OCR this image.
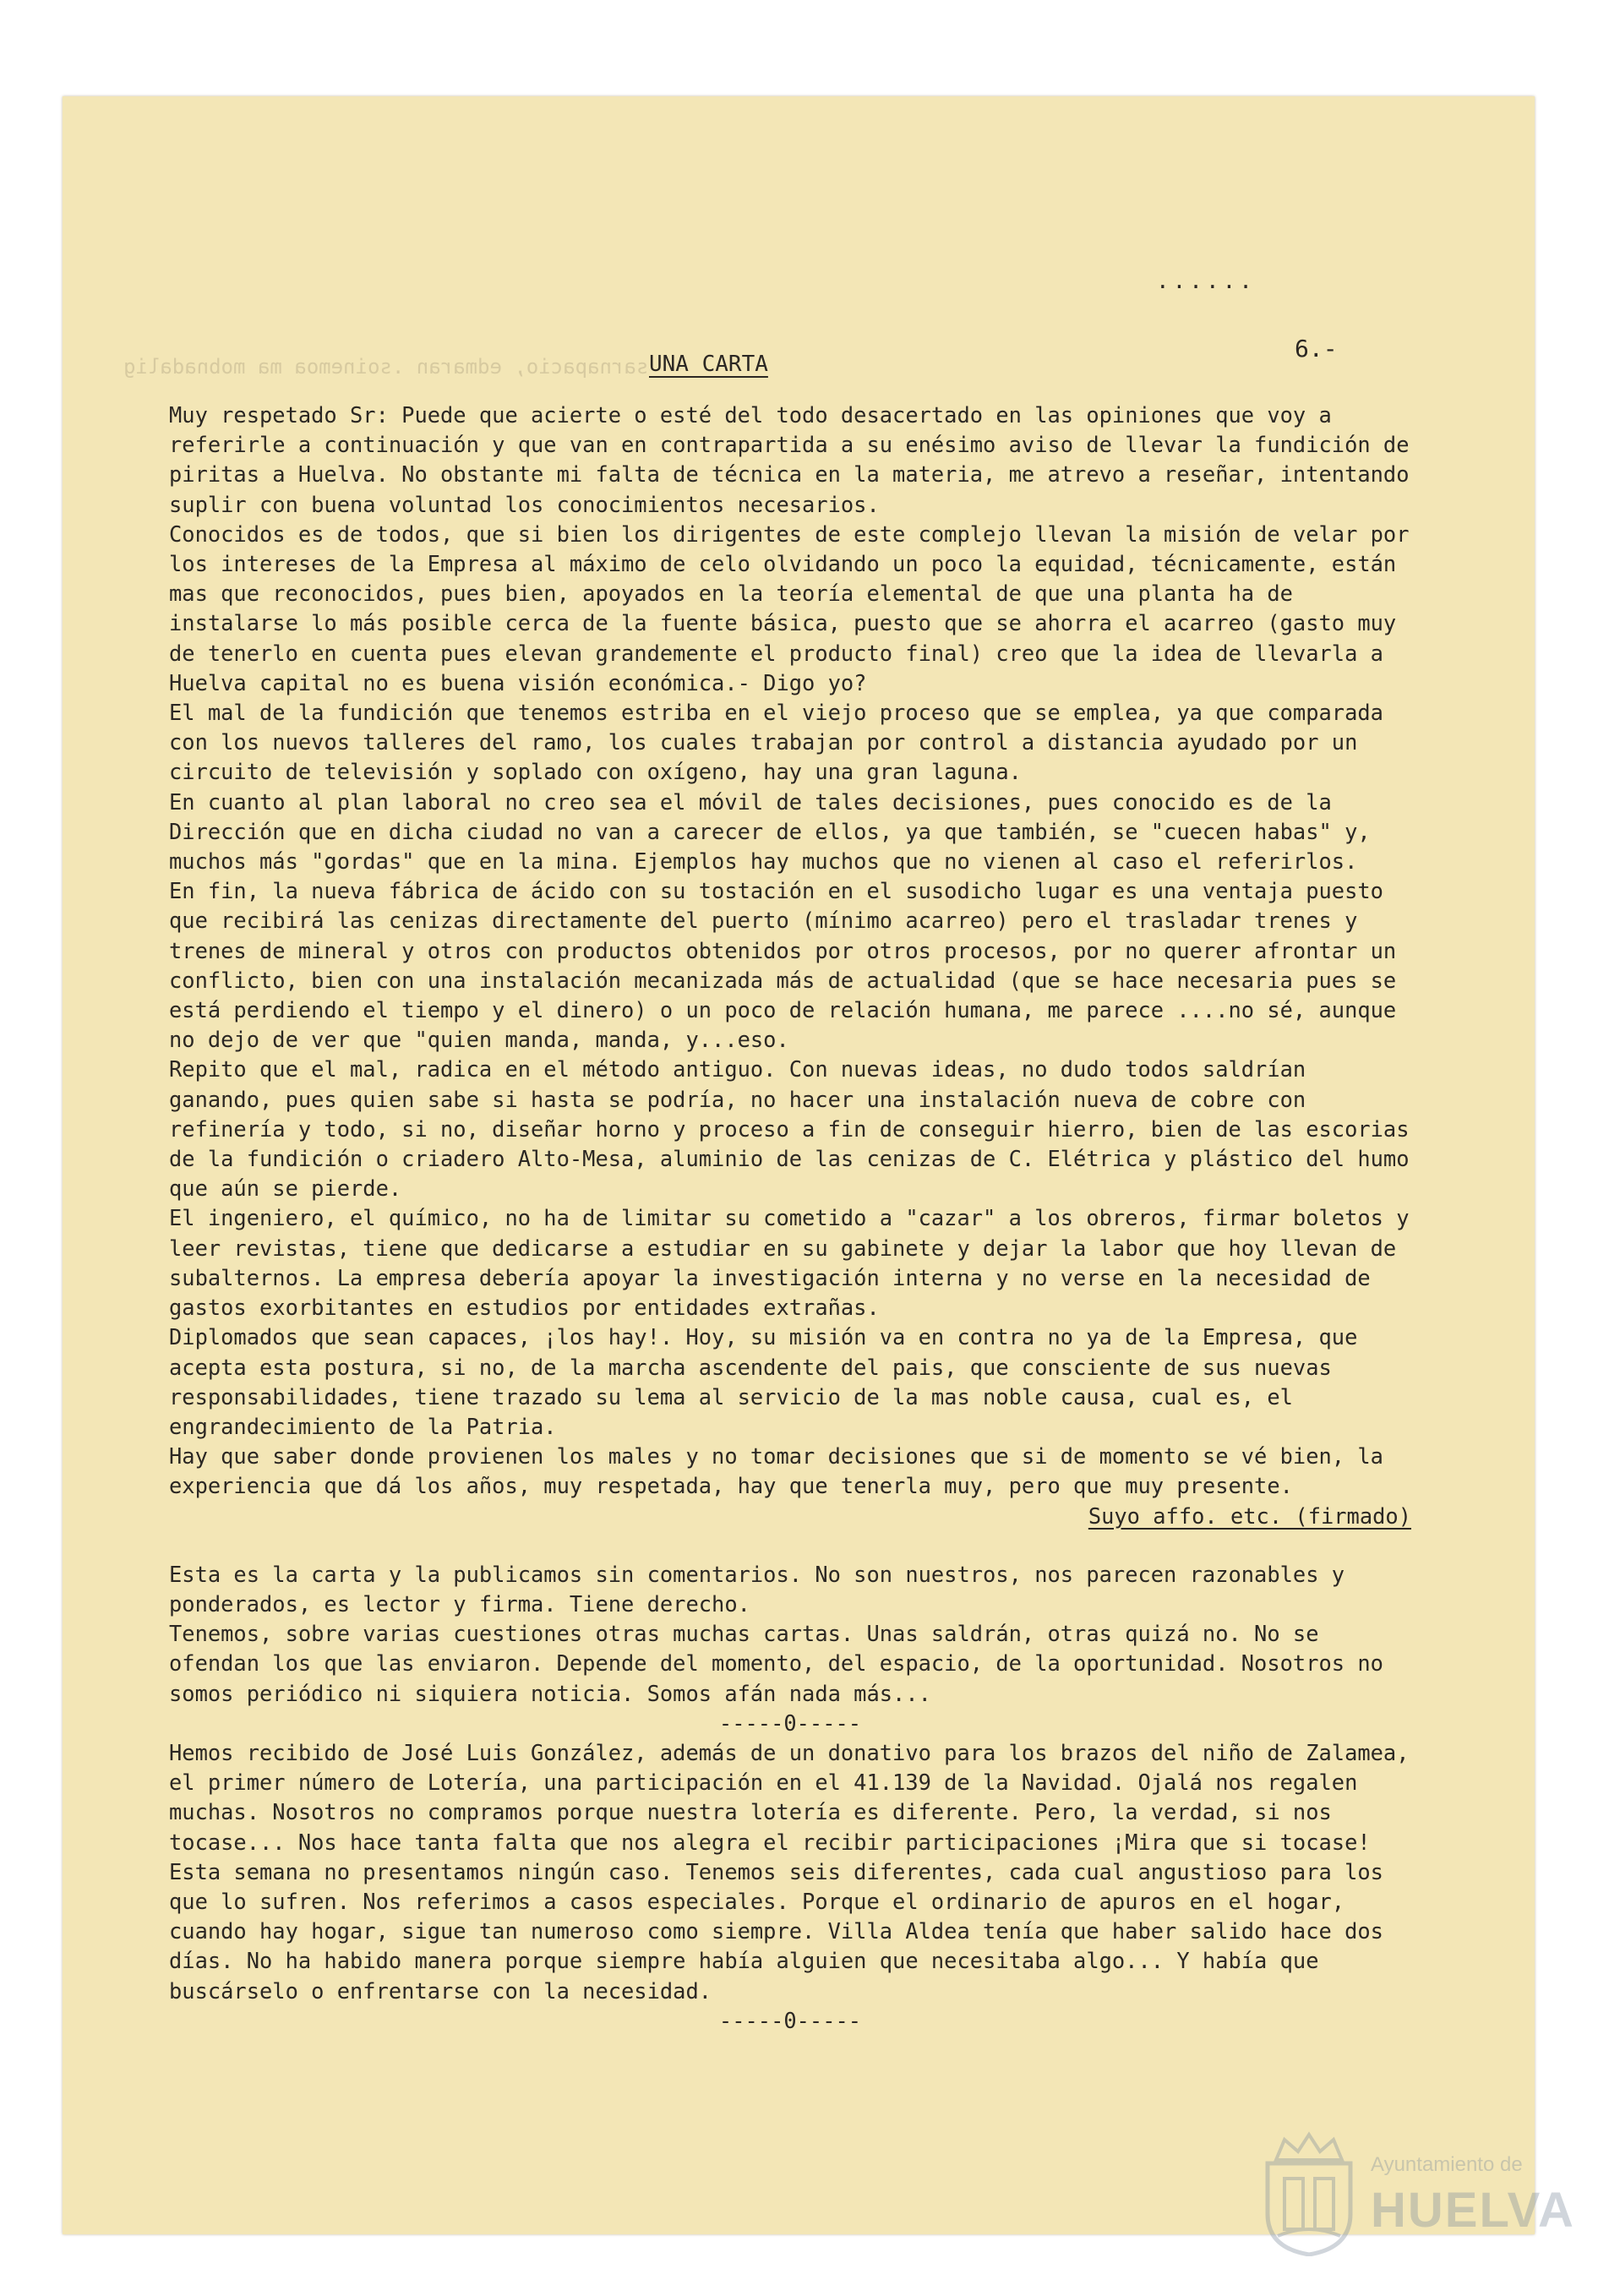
sarnapacio, edmaran .soinemoa ma mobnadalig
......
UNA CARTA
6.-

Muy respetado Sr: Puede que acierte o esté del todo desacertado en las opiniones que voy a referirle a continuación y que van en contrapartida a su enésimo aviso de llevar la fundición de piritas a Huelva. No obstante mi falta de técnica en la materia, me atrevo a reseñar, intentando suplir con buena voluntad los conocimientos necesarios.

Conocidos es de todos, que si bien los dirigentes de este complejo llevan la misión de velar por los intereses de la Empresa al máximo de celo olvidando un poco la equidad, técnicamente, están mas que reconocidos, pues bien, apoyados en la teoría elemental de que una planta ha de instalarse lo más posible cerca de la fuente básica, puesto que se ahorra el acarreo (gasto muy de tenerlo en cuenta pues elevan grandemente el producto final) creo que la idea de llevarla a Huelva capital no es buena visión económica.- Digo yo?

El mal de la fundición que tenemos estriba en el viejo proceso que se emplea, ya que comparada con los nuevos talleres del ramo, los cuales trabajan por control a distancia ayudado por un circuito de televisión y soplado con oxígeno, hay una gran laguna.

En cuanto al plan laboral no creo sea el móvil de tales decisiones, pues conocido es de la Dirección que en dicha ciudad no van a carecer de ellos, ya que también, se "cuecen habas" y, muchos más "gordas" que en la mina. Ejemplos hay muchos que no vienen al caso el referirlos.

En fin, la nueva fábrica de ácido con su tostación en el susodicho lugar es una ventaja puesto que recibirá las cenizas directamente del puerto (mínimo acarreo) pero el trasladar trenes y trenes de mineral y otros con productos obtenidos por otros procesos, por no querer afrontar un conflicto, bien con una instalación mecanizada más de actualidad (que se hace necesaria pues se está perdiendo el tiempo y el dinero) o un poco de relación humana, me parece ....no sé, aunque no dejo de ver que "quien manda, manda, y...eso.

Repito que el mal, radica en el método antiguo. Con nuevas ideas, no dudo todos saldrían ganando, pues quien sabe si hasta se podría, no hacer una instalación nueva de cobre con refinería y todo, si no, diseñar horno y proceso a fin de conseguir hierro, bien de las escorias de la fundición o criadero Alto-Mesa, aluminio de las cenizas de C. Elétrica y plástico del humo que aún se pierde.

El ingeniero, el químico, no ha de limitar su cometido a "cazar" a los obreros, firmar boletos y leer revistas, tiene que dedicarse a estudiar en su gabinete y dejar la labor que hoy llevan de subalternos. La empresa debería apoyar la investigación interna y no verse en la necesidad de gastos exorbitantes en estudios por entidades extrañas.

Diplomados que sean capaces, ¡los hay!. Hoy, su misión va en contra no ya de la Empresa, que acepta esta postura, si no, de la marcha ascendente del pais, que consciente de sus nuevas responsabilidades, tiene trazado su lema al servicio de la mas noble causa, cual es, el engrandecimiento de la Patria.

Hay que saber donde provienen los males y no tomar decisiones que si de momento se vé bien, la experiencia que dá los años, muy respetada, hay que tenerla muy, pero que muy presente.

Suyo affo. etc. (firmado)

Esta es la carta y la publicamos sin comentarios. No son nuestros, nos parecen razonables y ponderados, es lector y firma. Tiene derecho.

Tenemos, sobre varias cuestiones otras muchas cartas. Unas saldrán, otras quizá no. No se ofendan los que las enviaron. Depende del momento, del espacio, de la oportunidad. Nosotros no somos periódico ni siquiera noticia. Somos afán nada más...

-----0-----

Hemos recibido de José Luis González, además de un donativo para los brazos del niño de Zalamea, el primer número de Lotería, una participación en el 41.139 de la Navidad. Ojalá nos regalen muchas. Nosotros no compramos porque nuestra lotería es diferente. Pero, la verdad, si nos tocase... Nos hace tanta falta que nos alegra el recibir participaciones ¡Mira que si tocase!

Esta semana no presentamos ningún caso. Tenemos seis diferentes, cada cual angustioso para los que lo sufren. Nos referimos a casos especiales. Porque el ordinario de apuros en el hogar, cuando hay hogar, sigue tan numeroso como siempre. Villa Aldea tenía que haber salido hace dos días. No ha habido manera porque siempre había alguien que necesitaba algo... Y había que buscárselo o enfrentarse con la necesidad.

-----0-----

Ayuntamiento de
HUELVA
